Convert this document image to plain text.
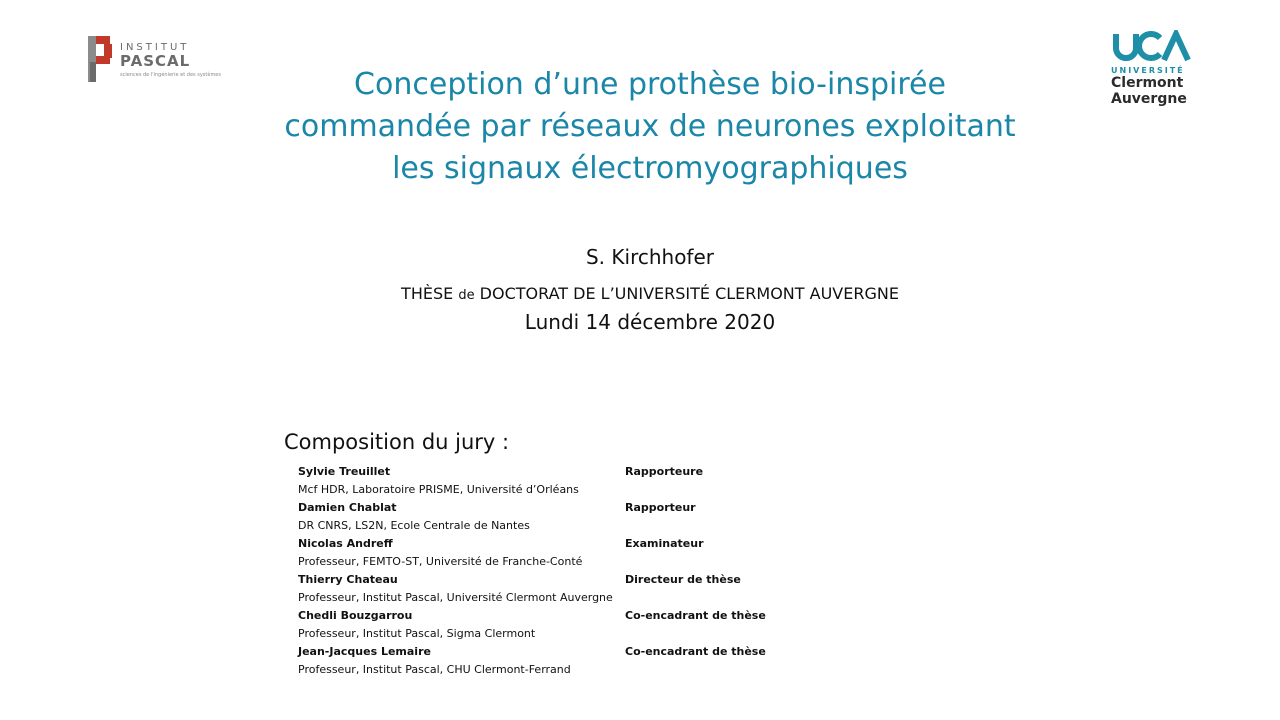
INSTITUT
PASCAL
sciences de l'ingénierie et des systèmes	UNIVERSITÉ
Clermont
Auvergne
Conception d’une prothèse bio-inspirée
commandée par réseaux de neurones exploitant
les signaux électromyographiques
S. Kirchhofer
THÈSE de DOCTORAT DE L’UNIVERSITÉ CLERMONT AUVERGNE
Lundi 14 décembre 2020
Composition du jury :
Sylvie Treuillet	Rapporteure
Mcf HDR, Laboratoire PRISME, Université d’Orléans
Damien Chablat	Rapporteur
DR CNRS, LS2N, Ecole Centrale de Nantes
Nicolas Andreff	Examinateur
Professeur, FEMTO-ST, Université de Franche-Conté
Thierry Chateau	Directeur de thèse
Professeur, Institut Pascal, Université Clermont Auvergne
Chedli Bouzgarrou	Co-encadrant de thèse
Professeur, Institut Pascal, Sigma Clermont
Jean-Jacques Lemaire	Co-encadrant de thèse
Professeur, Institut Pascal, CHU Clermont-Ferrand
